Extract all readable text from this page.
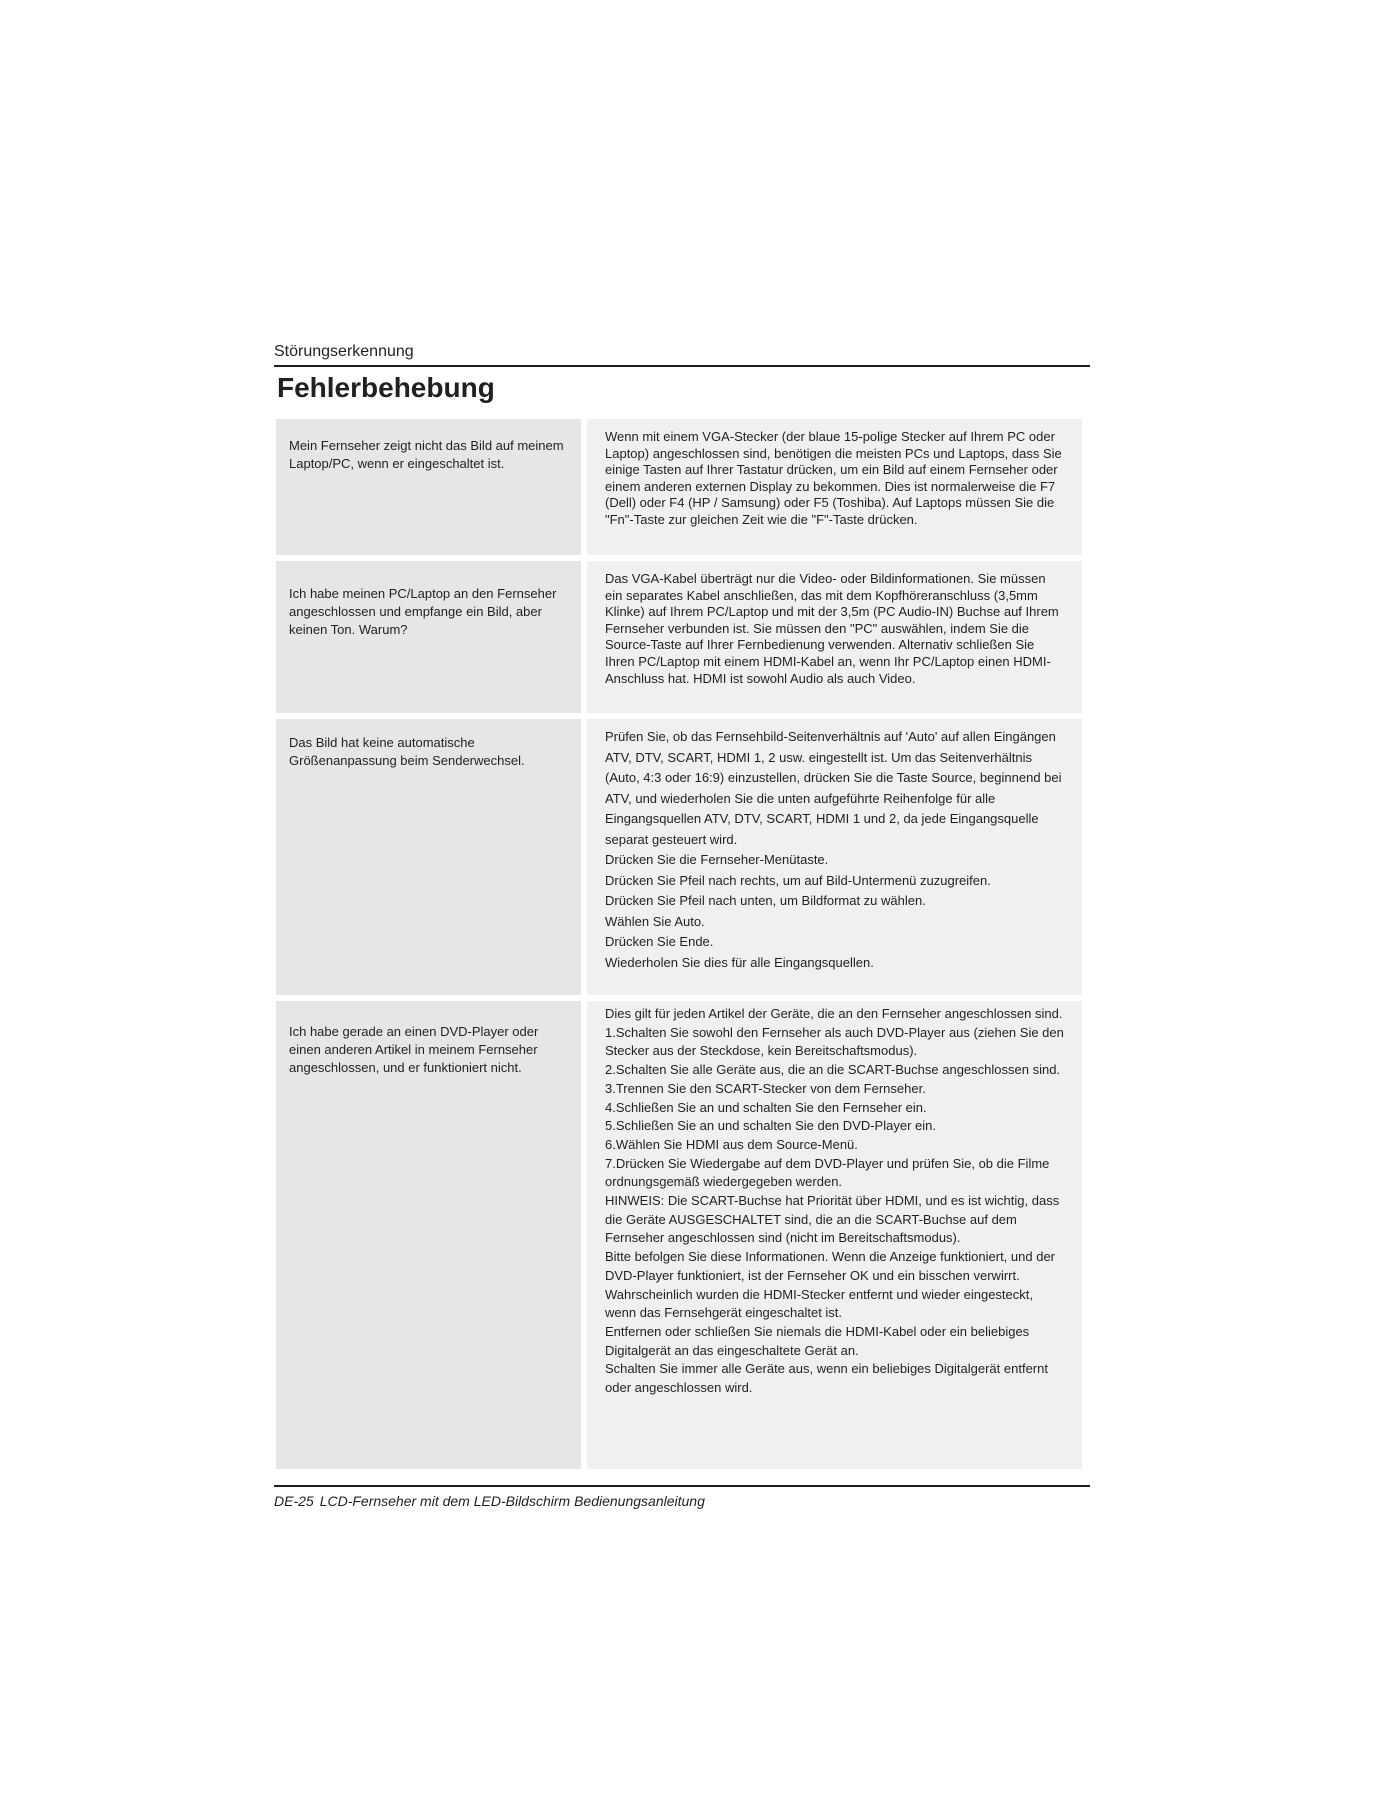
Störungserkennung
Fehlerbehebung
Mein Fernseher zeigt nicht das Bild auf meinem Laptop/PC, wenn er eingeschaltet ist.

Wenn mit einem VGA-Stecker (der blaue 15-polige Stecker auf Ihrem PC oder Laptop) angeschlossen sind, benötigen die meisten PCs und Laptops, dass Sie einige Tasten auf Ihrer Tastatur drücken, um ein Bild auf einem Fernseher oder einem anderen externen Display zu bekommen. Dies ist normalerweise die F7 (Dell) oder F4 (HP / Samsung) oder F5 (Toshiba). Auf Laptops müssen Sie die "Fn"-Taste zur gleichen Zeit wie die "F"-Taste drücken.

Ich habe meinen PC/Laptop an den Fernseher angeschlossen und empfange ein Bild, aber keinen Ton. Warum?

Das VGA-Kabel überträgt nur die Video- oder Bildinformationen. Sie müssen ein separates Kabel anschließen, das mit dem Kopfhöreranschluss (3,5mm Klinke) auf Ihrem PC/Laptop und mit der 3,5m (PC Audio-IN) Buchse auf Ihrem Fernseher verbunden ist. Sie müssen den "PC" auswählen, indem Sie die Source-Taste auf Ihrer Fernbedienung verwenden. Alternativ schließen Sie Ihren PC/Laptop mit einem HDMI-Kabel an, wenn Ihr PC/Laptop einen HDMI-Anschluss hat. HDMI ist sowohl Audio als auch Video.

Das Bild hat keine automatische Größenanpassung beim Senderwechsel.

Prüfen Sie, ob das Fernsehbild-Seitenverhältnis auf 'Auto' auf allen Eingängen ATV, DTV, SCART, HDMI 1, 2 usw. eingestellt ist. Um das Seitenverhältnis (Auto, 4:3 oder 16:9) einzustellen, drücken Sie die Taste Source, beginnend bei ATV, und wiederholen Sie die unten aufgeführte Reihenfolge für alle Eingangsquellen ATV, DTV, SCART, HDMI 1 und 2, da jede Eingangsquelle separat gesteuert wird.

Drücken Sie die Fernseher-Menütaste.

Drücken Sie Pfeil nach rechts, um auf Bild-Untermenü zuzugreifen.

Drücken Sie Pfeil nach unten, um Bildformat zu wählen.

Wählen Sie Auto.

Drücken Sie Ende.

Wiederholen Sie dies für alle Eingangsquellen.

Ich habe gerade an einen DVD-Player oder einen anderen Artikel in meinem Fernseher angeschlossen, und er funktioniert nicht.

Dies gilt für jeden Artikel der Geräte, die an den Fernseher angeschlossen sind.

1.Schalten Sie sowohl den Fernseher als auch DVD-Player aus (ziehen Sie den Stecker aus der Steckdose, kein Bereitschaftsmodus).

2.Schalten Sie alle Geräte aus, die an die SCART-Buchse angeschlossen sind.

3.Trennen Sie den SCART-Stecker von dem Fernseher.

4.Schließen Sie an und schalten Sie den Fernseher ein.

5.Schließen Sie an und schalten Sie den DVD-Player ein.

6.Wählen Sie HDMI aus dem Source-Menü.

7.Drücken Sie Wiedergabe auf dem DVD-Player und prüfen Sie, ob die Filme ordnungsgemäß wiedergegeben werden.

HINWEIS: Die SCART-Buchse hat Priorität über HDMI, und es ist wichtig, dass die Geräte AUSGESCHALTET sind, die an die SCART-Buchse auf dem Fernseher angeschlossen sind (nicht im Bereitschaftsmodus).

Bitte befolgen Sie diese Informationen. Wenn die Anzeige funktioniert, und der DVD-Player funktioniert, ist der Fernseher OK und ein bisschen verwirrt.

Wahrscheinlich wurden die HDMI-Stecker entfernt und wieder eingesteckt, wenn das Fernsehgerät eingeschaltet ist.

Entfernen oder schließen Sie niemals die HDMI-Kabel oder ein beliebiges Digitalgerät an das eingeschaltete Gerät an.

Schalten Sie immer alle Geräte aus, wenn ein beliebiges Digitalgerät entfernt oder angeschlossen wird.

DE-25 LCD-Fernseher mit dem LED-Bildschirm Bedienungsanleitung
